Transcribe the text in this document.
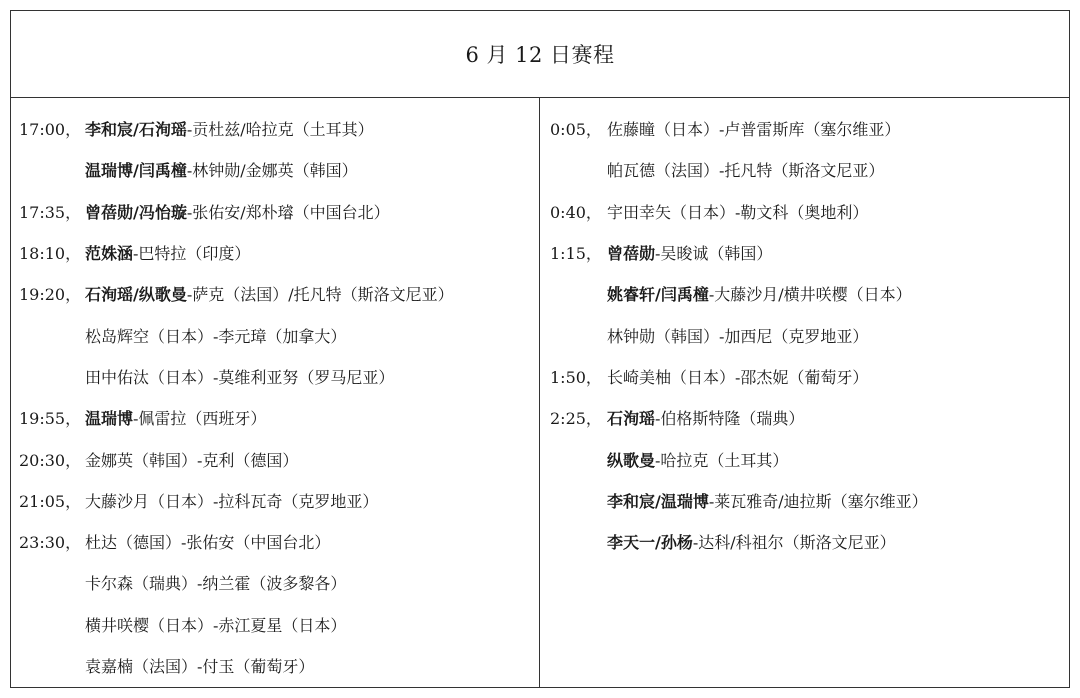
6 月 12 日赛程
17:00， 李和宸/石洵瑶 -贡杜兹/哈拉克（土耳其）
温瑞博/闫禹橦 -林钟勋/金娜英（韩国）
17:35， 曾蓓勋/冯怡璇 -张佑安/郑朴璿（中国台北）
18:10， 范姝涵 -巴特拉（印度）
19:20， 石洵瑶/纵歌曼 -萨克（法国）/托凡特（斯洛文尼亚）
松岛辉空（日本）-李元璋（加拿大）
田中佑汰（日本）-莫维利亚努（罗马尼亚）
19:55， 温瑞博 -佩雷拉（西班牙）
20:30， 金娜英（韩国）-克利（德国）
21:05， 大藤沙月（日本）-拉科瓦奇（克罗地亚）
23:30， 杜达（德国）-张佑安（中国台北）
卡尔森（瑞典）-纳兰霍（波多黎各）
横井咲樱（日本）-赤江夏星（日本）
袁嘉楠（法国）-付玉（葡萄牙）
0:05， 佐藤瞳（日本）-卢普雷斯库（塞尔维亚）
帕瓦德（法国）-托凡特（斯洛文尼亚）
0:40， 宇田幸矢（日本）-勒文科（奥地利）
1:15， 曾蓓勋 -吴晙诚（韩国）
姚睿轩/闫禹橦 -大藤沙月/横井咲樱（日本）
林钟勋（韩国）-加西尼（克罗地亚）
1:50， 长崎美柚（日本）-邵杰妮（葡萄牙）
2:25， 石洵瑶 -伯格斯特隆（瑞典）
纵歌曼 -哈拉克（土耳其）
李和宸/温瑞博 -莱瓦雅奇/迪拉斯（塞尔维亚）
李天一/孙杨 -达科/科祖尔（斯洛文尼亚）
